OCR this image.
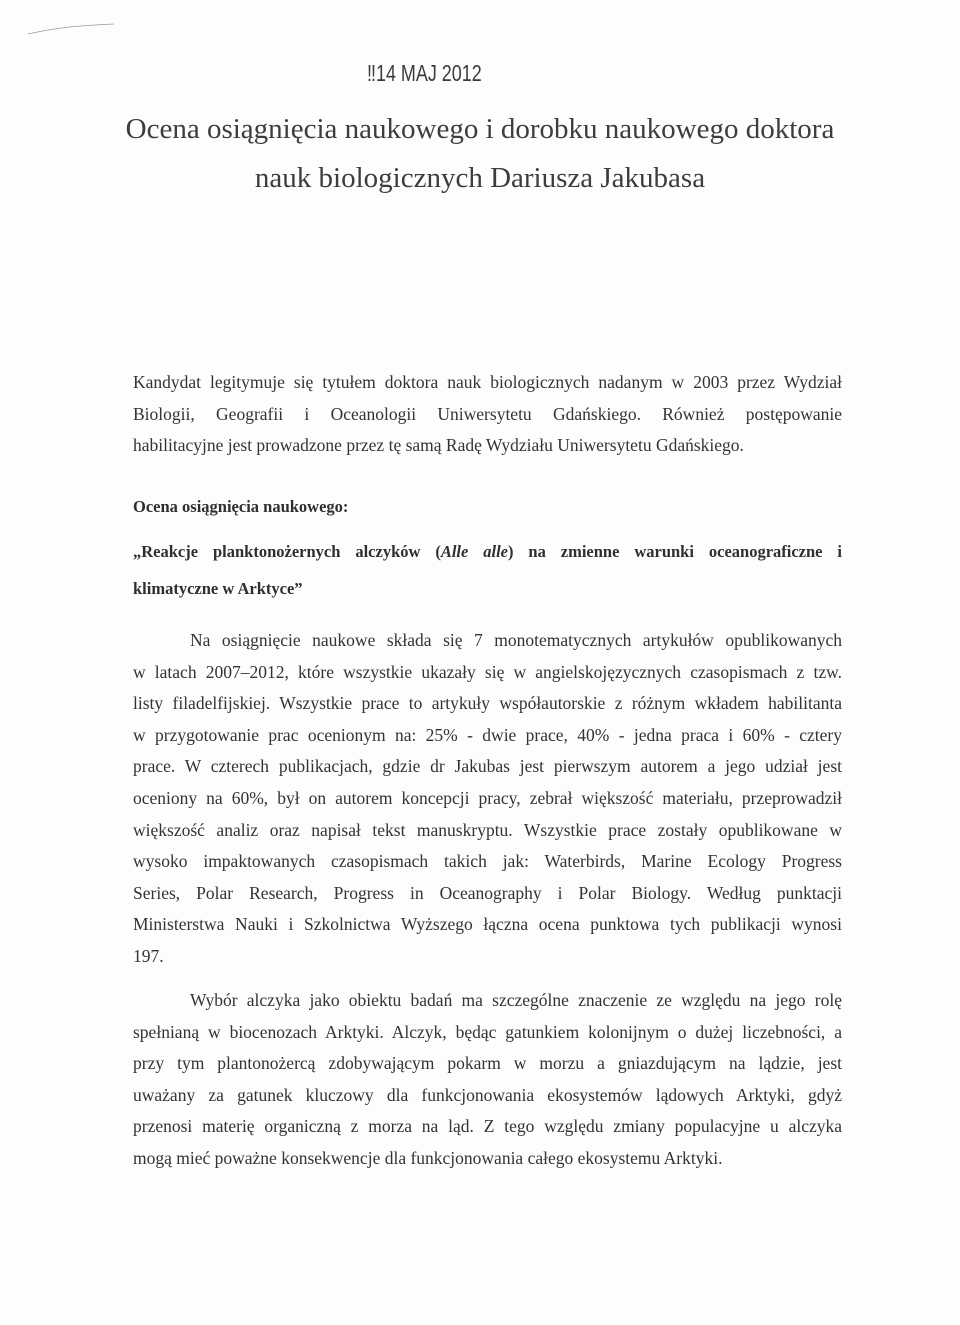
‼14 MAJ 2012
Ocena osiągnięcia naukowego i dorobku naukowego doktora
nauk biologicznych Dariusza Jakubasa
Kandydat legitymuje się tytułem doktora nauk biologicznych nadanym w 2003 przez Wydział
Biologii, Geografii i Oceanologii Uniwersytetu Gdańskiego. Również postępowanie
habilitacyjne jest prowadzone przez tę samą Radę Wydziału Uniwersytetu Gdańskiego.
Ocena osiągnięcia naukowego:
„Reakcje planktonożernych alczyków (Alle alle) na zmienne warunki oceanograficzne i
klimatyczne w Arktyce”
Na osiągnięcie naukowe składa się 7 monotematycznych artykułów opublikowanych
w latach 2007–2012, które wszystkie ukazały się w angielskojęzycznych czasopismach z tzw.
listy filadelfijskiej. Wszystkie prace to artykuły współautorskie z różnym wkładem habilitanta
w przygotowanie prac ocenionym na: 25% - dwie prace, 40% - jedna praca i 60% - cztery
prace. W czterech publikacjach, gdzie dr Jakubas jest pierwszym autorem a jego udział jest
oceniony na 60%, był on autorem koncepcji pracy, zebrał większość materiału, przeprowadził
większość analiz oraz napisał tekst manuskryptu. Wszystkie prace zostały opublikowane w
wysoko impaktowanych czasopismach takich jak: Waterbirds, Marine Ecology Progress
Series, Polar Research, Progress in Oceanography i Polar Biology. Według punktacji
Ministerstwa Nauki i Szkolnictwa Wyższego łączna ocena punktowa tych publikacji wynosi
197.
Wybór alczyka jako obiektu badań ma szczególne znaczenie ze względu na jego rolę
spełnianą w biocenozach Arktyki. Alczyk, będąc gatunkiem kolonijnym o dużej liczebności, a
przy tym plantonożercą zdobywającym pokarm w morzu a gniazdującym na lądzie, jest
uważany za gatunek kluczowy dla funkcjonowania ekosystemów lądowych Arktyki, gdyż
przenosi materię organiczną z morza na ląd. Z tego względu zmiany populacyjne u alczyka
mogą mieć poważne konsekwencje dla funkcjonowania całego ekosystemu Arktyki.
